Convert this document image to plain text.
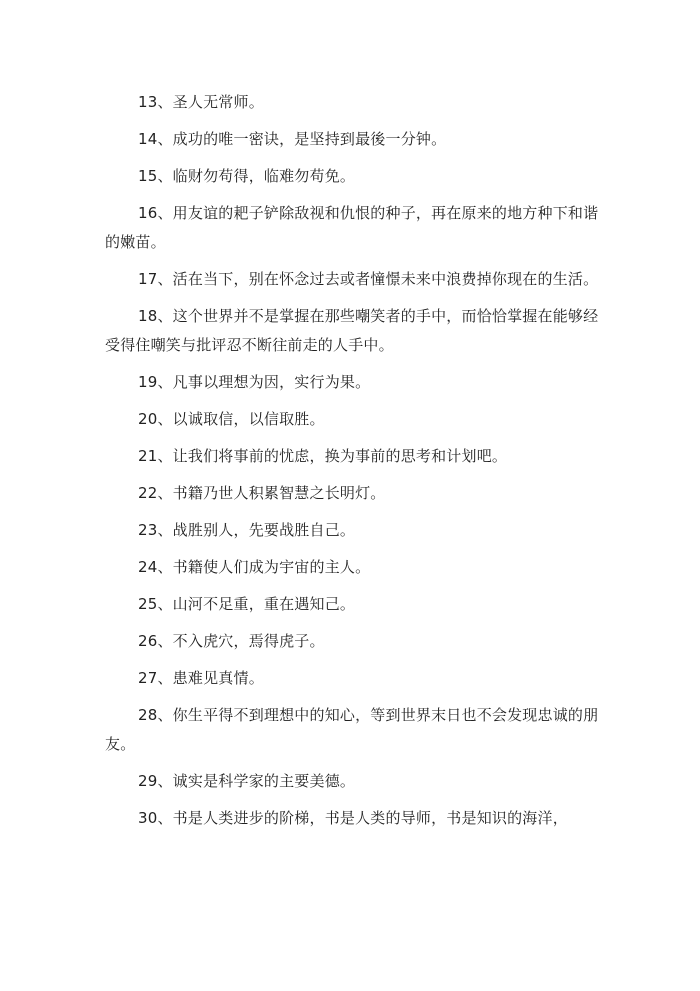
13、圣人无常师。

14、成功的唯一密诀，是坚持到最後一分钟。

15、临财勿苟得，临难勿苟免。

16、用友谊的耙子铲除敌视和仇恨的种子，再在原来的地方种下和谐的嫩苗。

17、活在当下，别在怀念过去或者憧憬未来中浪费掉你现在的生活。

18、这个世界并不是掌握在那些嘲笑者的手中，而恰恰掌握在能够经受得住嘲笑与批评忍不断往前走的人手中。

19、凡事以理想为因，实行为果。

20、以诚取信，以信取胜。

21、让我们将事前的忧虑，换为事前的思考和计划吧。

22、书籍乃世人积累智慧之长明灯。

23、战胜别人，先要战胜自己。

24、书籍使人们成为宇宙的主人。

25、山河不足重，重在遇知己。

26、不入虎穴，焉得虎子。

27、患难见真情。

28、你生平得不到理想中的知心，等到世界末日也不会发现忠诚的朋友。

29、诚实是科学家的主要美德。

30、书是人类进步的阶梯，书是人类的导师，书是知识的海洋，
